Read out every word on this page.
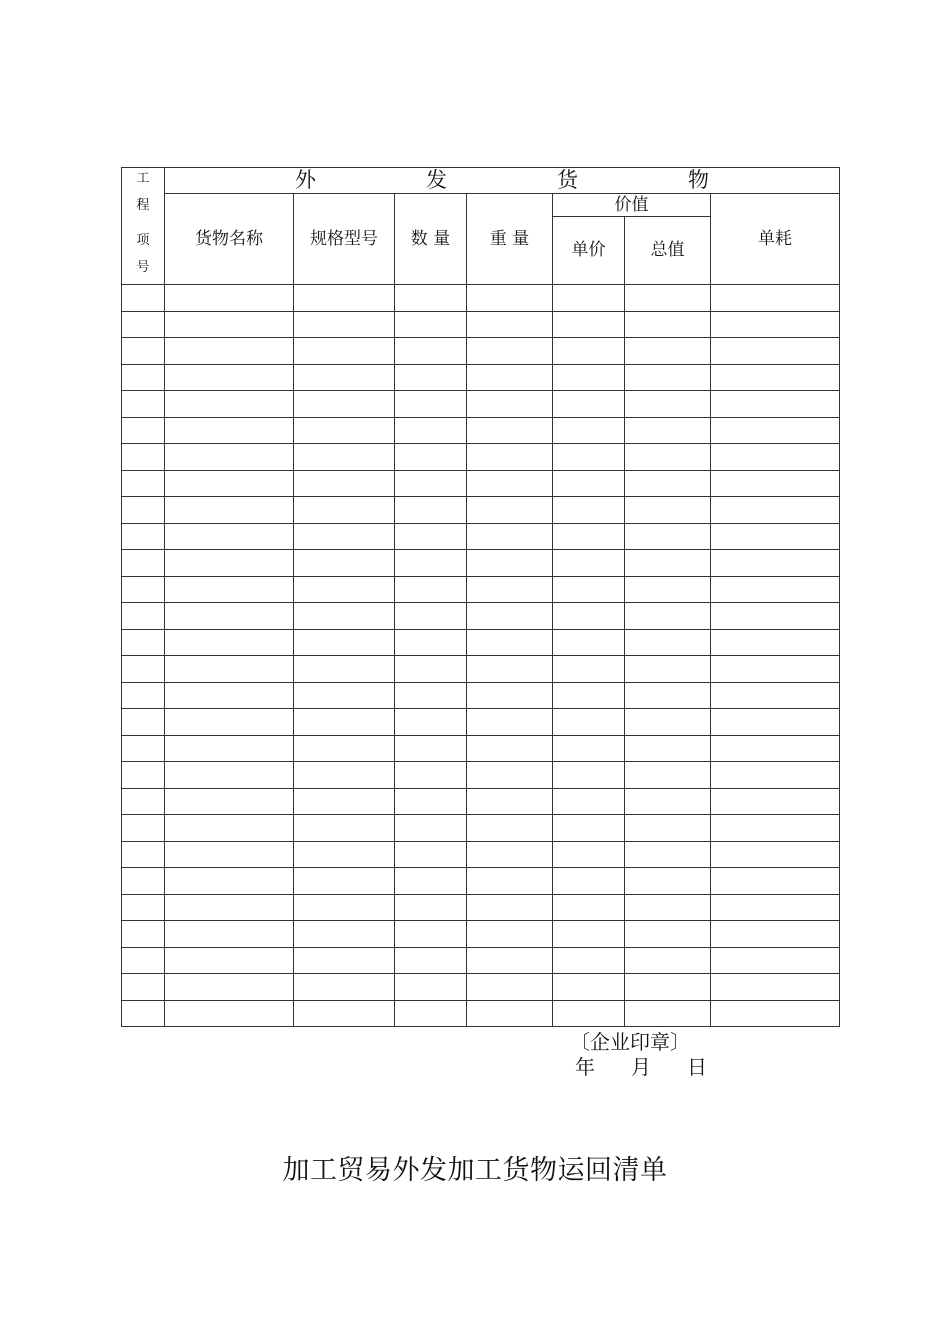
工
程
项
号	外 发 货 物						

	货物名称	规格型号	数 量	重 量	价值		单耗
					单价	总值	

〔企业印章〕
年 月 日
加工贸易外发加工货物运回清单
